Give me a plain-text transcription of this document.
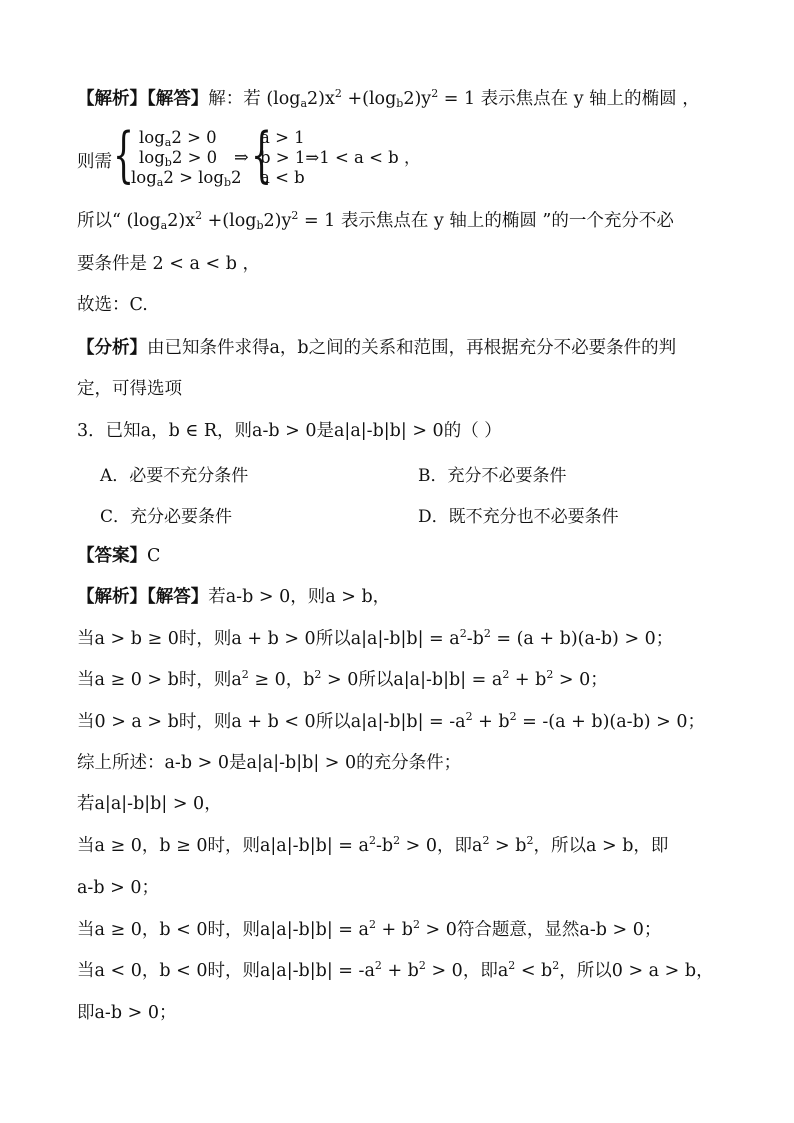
【解析】【解答】解：若 $(\log_a2)x^2 +(\log_b2)y^2 = 1$ 表示焦点在 y 轴上的椭圆 ，
则需 { $\log_a2 > 0$
$\log_b2 > 0$
$\log_a2 > \log_b2$
⇒ {
a > 1
b > 1⇒1 < a < b ，
a < b
所以“ $(\log_a2)x^2 +(\log_b2)y^2 = 1$ 表示焦点在 y 轴上的椭圆 ”的一个充分不必
要条件是 2 < a < b ，
故选：C.
【分析】由已知条件求得a，b之间的关系和范围，再根据充分不必要条件的判
定，可得选项
3．已知a，b ∈ R，则a-b > 0是a|a|-b|b| > 0的（ ）
A．必要不充分条件	B．充分不必要条件
C．充分必要条件	D．既不充分也不必要条件
【答案】C
【解析】【解答】若a-b > 0，则a > b，
当a > b ≥ 0时，则a + b > 0所以$a|a|-b|b| = a^2-b^2 = (a + b)(a-b) > 0$；
当a ≥ 0 > b时，则$a^2 \ge 0$，$b^2 > 0$所以$a|a|-b|b| = a^2 + b^2 > 0$；
当0 > a > b时，则a + b < 0所以$a|a|-b|b| = -a^2 + b^2 = -(a + b)(a-b) > 0$；
综上所述：a-b > 0是a|a|-b|b| > 0的充分条件；
若a|a|-b|b| > 0，
当a ≥ 0，b ≥ 0时，则$a|a|-b|b| = a^2-b^2 > 0$，即$a^2 > b^2$，所以a > b，即
a-b > 0；
当a ≥ 0，b < 0时，则$a|a|-b|b| = a^2 + b^2 > 0$符合题意，显然a-b > 0；
当a < 0，b < 0时，则$a|a|-b|b| = -a^2 + b^2 > 0$，即$a^2 < b^2$，所以0 > a > b，
即a-b > 0；
